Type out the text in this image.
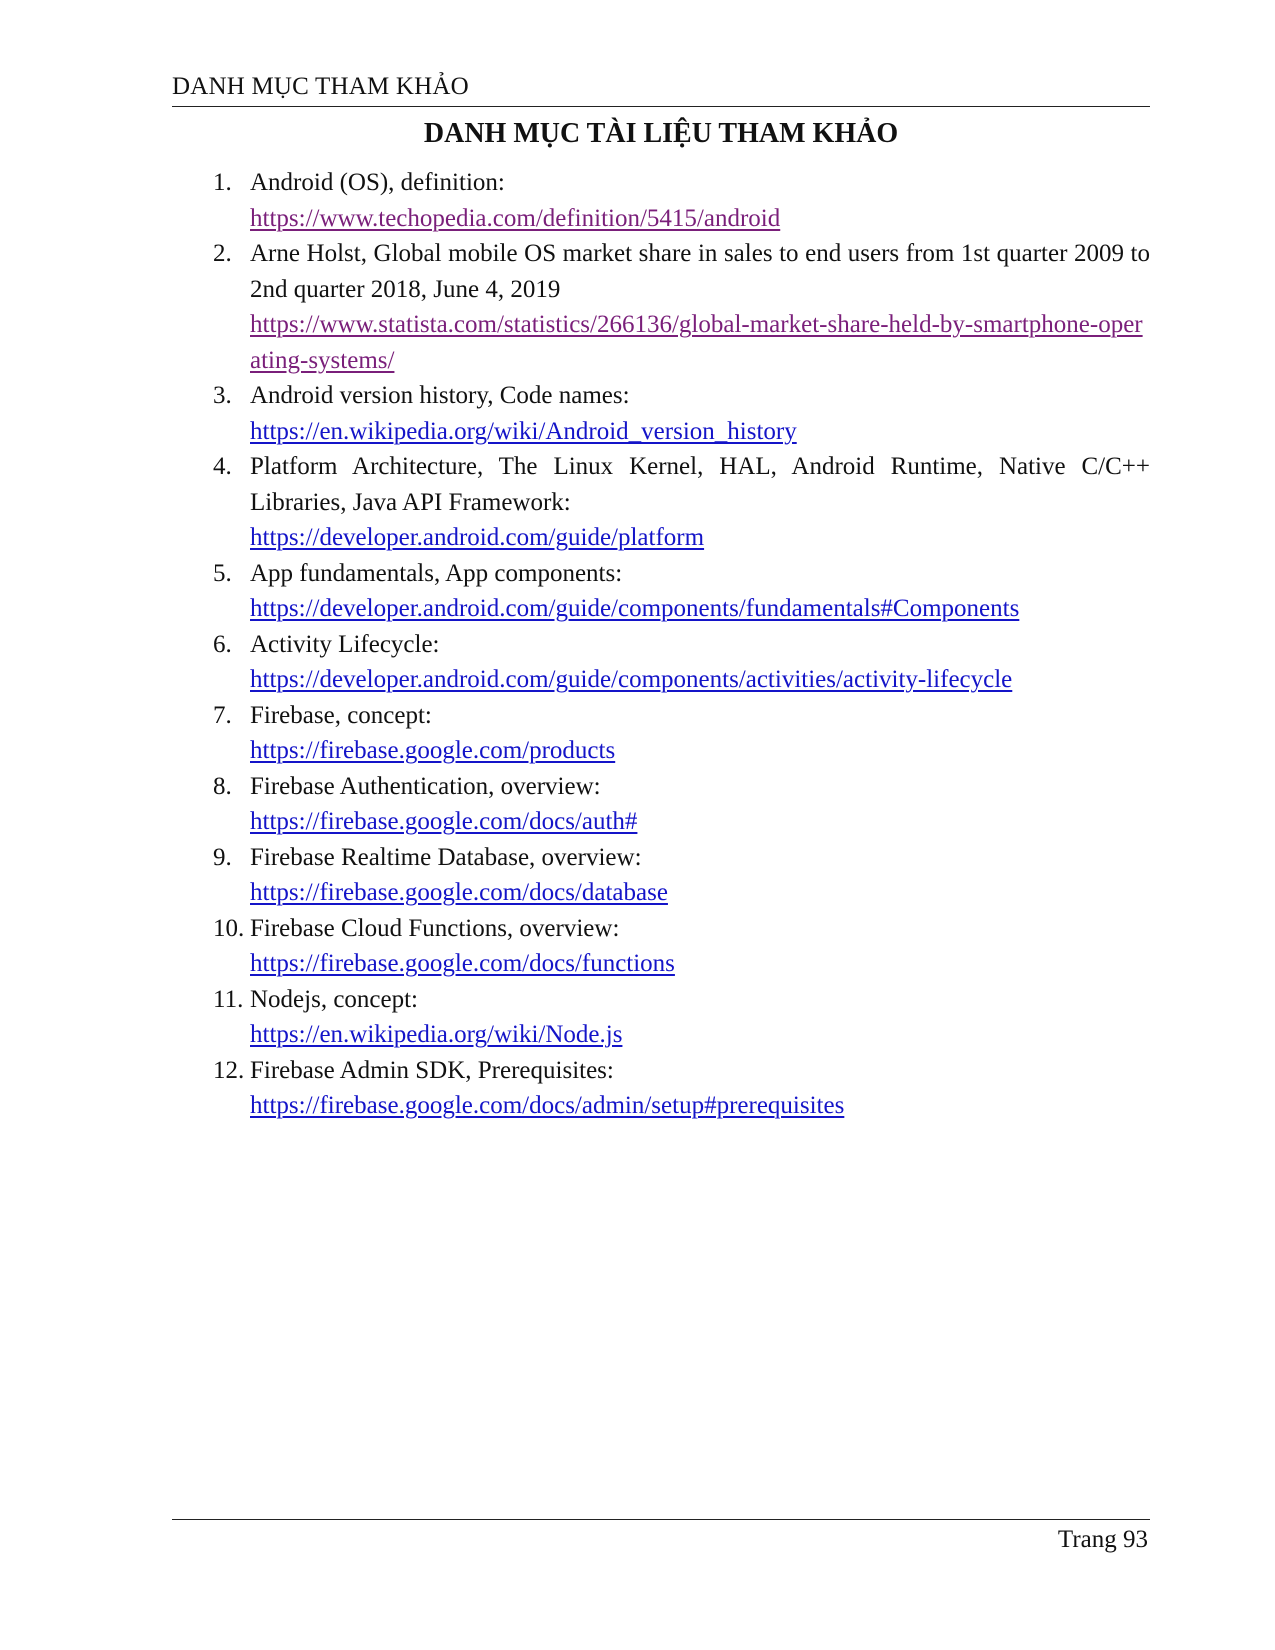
DANH MỤC THAM KHẢO
DANH MỤC TÀI LIỆU THAM KHẢO
1. Android (OS), definition:
https://www.techopedia.com/definition/5415/android
2. Arne Holst, Global mobile OS market share in sales to end users from 1st quarter 2009 to 2nd quarter 2018, June 4, 2019
https://www.statista.com/statistics/266136/global-market-share-held-by-smartphone-operating-systems/
3. Android version history, Code names:
https://en.wikipedia.org/wiki/Android_version_history
4. Platform Architecture, The Linux Kernel, HAL, Android Runtime, Native C/C++ Libraries, Java API Framework:
https://developer.android.com/guide/platform
5. App fundamentals, App components:
https://developer.android.com/guide/components/fundamentals#Components
6. Activity Lifecycle:
https://developer.android.com/guide/components/activities/activity-lifecycle
7. Firebase, concept:
https://firebase.google.com/products
8. Firebase Authentication, overview:
https://firebase.google.com/docs/auth#
9. Firebase Realtime Database, overview:
https://firebase.google.com/docs/database
10. Firebase Cloud Functions, overview:
https://firebase.google.com/docs/functions
11. Nodejs, concept:
https://en.wikipedia.org/wiki/Node.js
12. Firebase Admin SDK, Prerequisites:
https://firebase.google.com/docs/admin/setup#prerequisites
Trang 93
